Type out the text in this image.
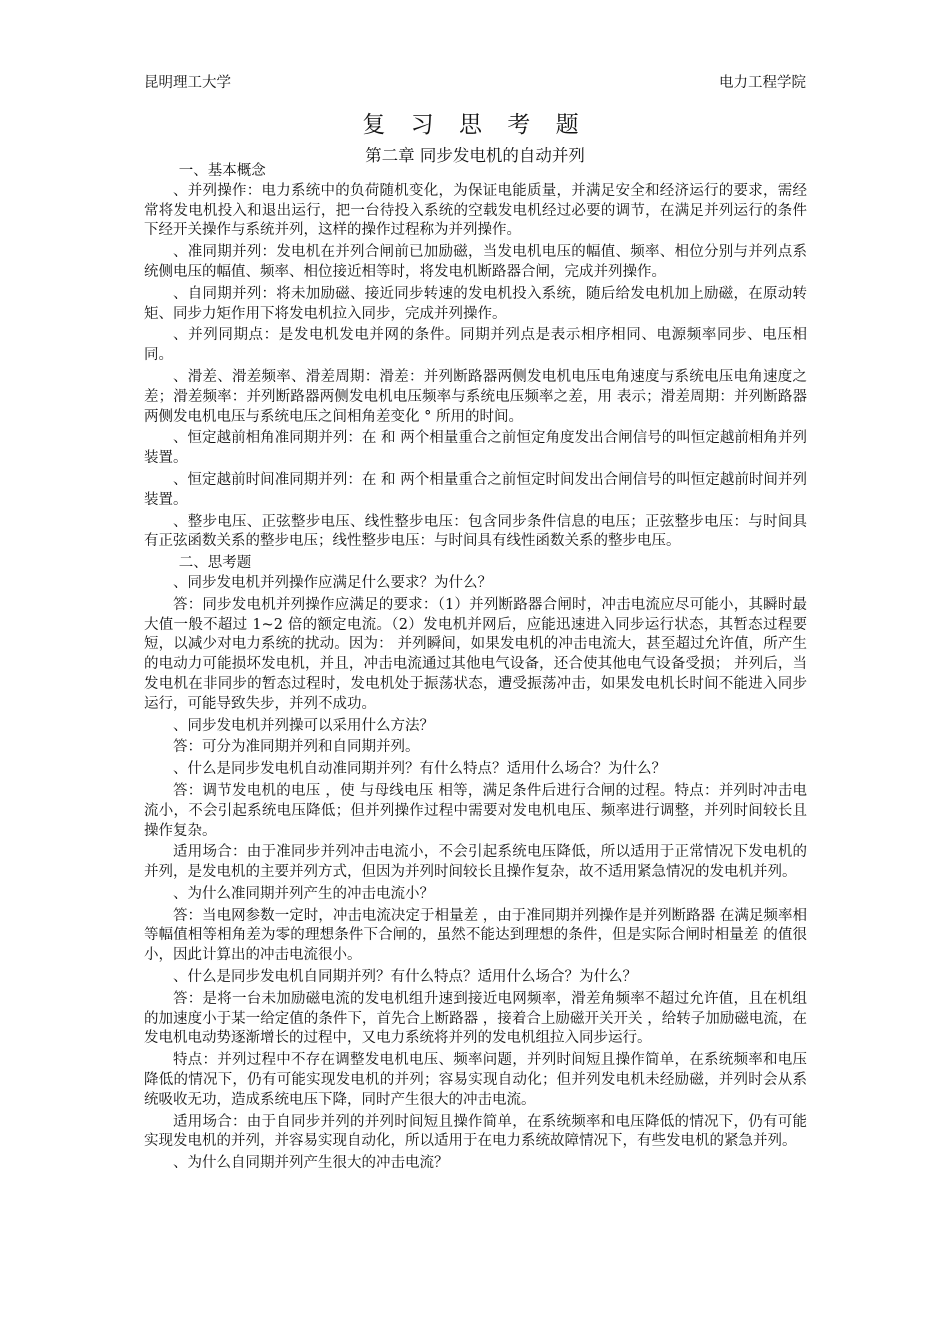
昆明理工大学	电力工程学院
复 习 思 考 题
第二章 同步发电机的自动并列

一、基本概念

、并列操作：电力系统中的负荷随机变化，为保证电能质量，并满足安全和经济运行的要求，需经常将发电机投入和退出运行，把一台待投入系统的空载发电机经过必要的调节，在满足并列运行的条件下经开关操作与系统并列，这样的操作过程称为并列操作。

、准同期并列：发电机在并列合闸前已加励磁，当发电机电压的幅值、频率、相位分别与并列点系统侧电压的幅值、频率、相位接近相等时，将发电机断路器合闸，完成并列操作。

、自同期并列：将未加励磁、接近同步转速的发电机投入系统，随后给发电机加上励磁，在原动转矩、同步力矩作用下将发电机拉入同步，完成并列操作。

、并列同期点：是发电机发电并网的条件。同期并列点是表示相序相同、电源频率同步、电压相同。

、滑差、滑差频率、滑差周期：滑差：并列断路器两侧发电机电压电角速度与系统电压电角速度之差；滑差频率：并列断路器两侧发电机电压频率与系统电压频率之差，用 表示；滑差周期：并列断路器两侧发电机电压与系统电压之间相角差变化 ° 所用的时间。

、恒定越前相角准同期并列：在 和 两个相量重合之前恒定角度发出合闸信号的叫恒定越前相角并列装置。

、恒定越前时间准同期并列：在 和 两个相量重合之前恒定时间发出合闸信号的叫恒定越前时间并列装置。

、整步电压、正弦整步电压、线性整步电压：包含同步条件信息的电压；正弦整步电压：与时间具有正弦函数关系的整步电压；线性整步电压：与时间具有线性函数关系的整步电压。

二、思考题

、同步发电机并列操作应满足什么要求？为什么？

答：同步发电机并列操作应满足的要求：（1）并列断路器合闸时，冲击电流应尽可能小，其瞬时最大值一般不超过 1~2 倍的额定电流。（2）发电机并网后，应能迅速进入同步运行状态，其暂态过程要短，以减少对电力系统的扰动。因为： 并列瞬间，如果发电机的冲击电流大，甚至超过允许值，所产生的电动力可能损坏发电机，并且，冲击电流通过其他电气设备，还合使其他电气设备受损； 并列后，当发电机在非同步的暂态过程时，发电机处于振荡状态，遭受振荡冲击，如果发电机长时间不能进入同步运行，可能导致失步，并列不成功。

、同步发电机并列操可以采用什么方法？

答：可分为准同期并列和自同期并列。

、什么是同步发电机自动准同期并列？有什么特点？适用什么场合？为什么？

答：调节发电机的电压 ，使 与母线电压 相等，满足条件后进行合闸的过程。特点：并列时冲击电流小，不会引起系统电压降低；但并列操作过程中需要对发电机电压、频率进行调整，并列时间较长且操作复杂。

适用场合：由于准同步并列冲击电流小，不会引起系统电压降低，所以适用于正常情况下发电机的并列，是发电机的主要并列方式，但因为并列时间较长且操作复杂，故不适用紧急情况的发电机并列。

、为什么准同期并列产生的冲击电流小？

答：当电网参数一定时，冲击电流决定于相量差 ，由于准同期并列操作是并列断路器 在满足频率相等幅值相等相角差为零的理想条件下合闸的，虽然不能达到理想的条件，但是实际合闸时相量差 的值很小，因此计算出的冲击电流很小。

、什么是同步发电机自同期并列？有什么特点？适用什么场合？为什么？

答：是将一台未加励磁电流的发电机组升速到接近电网频率，滑差角频率不超过允许值，且在机组的加速度小于某一给定值的条件下，首先合上断路器 ，接着合上励磁开关开关 ，给转子加励磁电流，在发电机电动势逐渐增长的过程中，又电力系统将并列的发电机组拉入同步运行。

特点：并列过程中不存在调整发电机电压、频率问题，并列时间短且操作简单，在系统频率和电压降低的情况下，仍有可能实现发电机的并列；容易实现自动化；但并列发电机未经励磁，并列时会从系统吸收无功，造成系统电压下降，同时产生很大的冲击电流。

适用场合：由于自同步并列的并列时间短且操作简单，在系统频率和电压降低的情况下，仍有可能实现发电机的并列，并容易实现自动化，所以适用于在电力系统故障情况下，有些发电机的紧急并列。

、为什么自同期并列产生很大的冲击电流？
